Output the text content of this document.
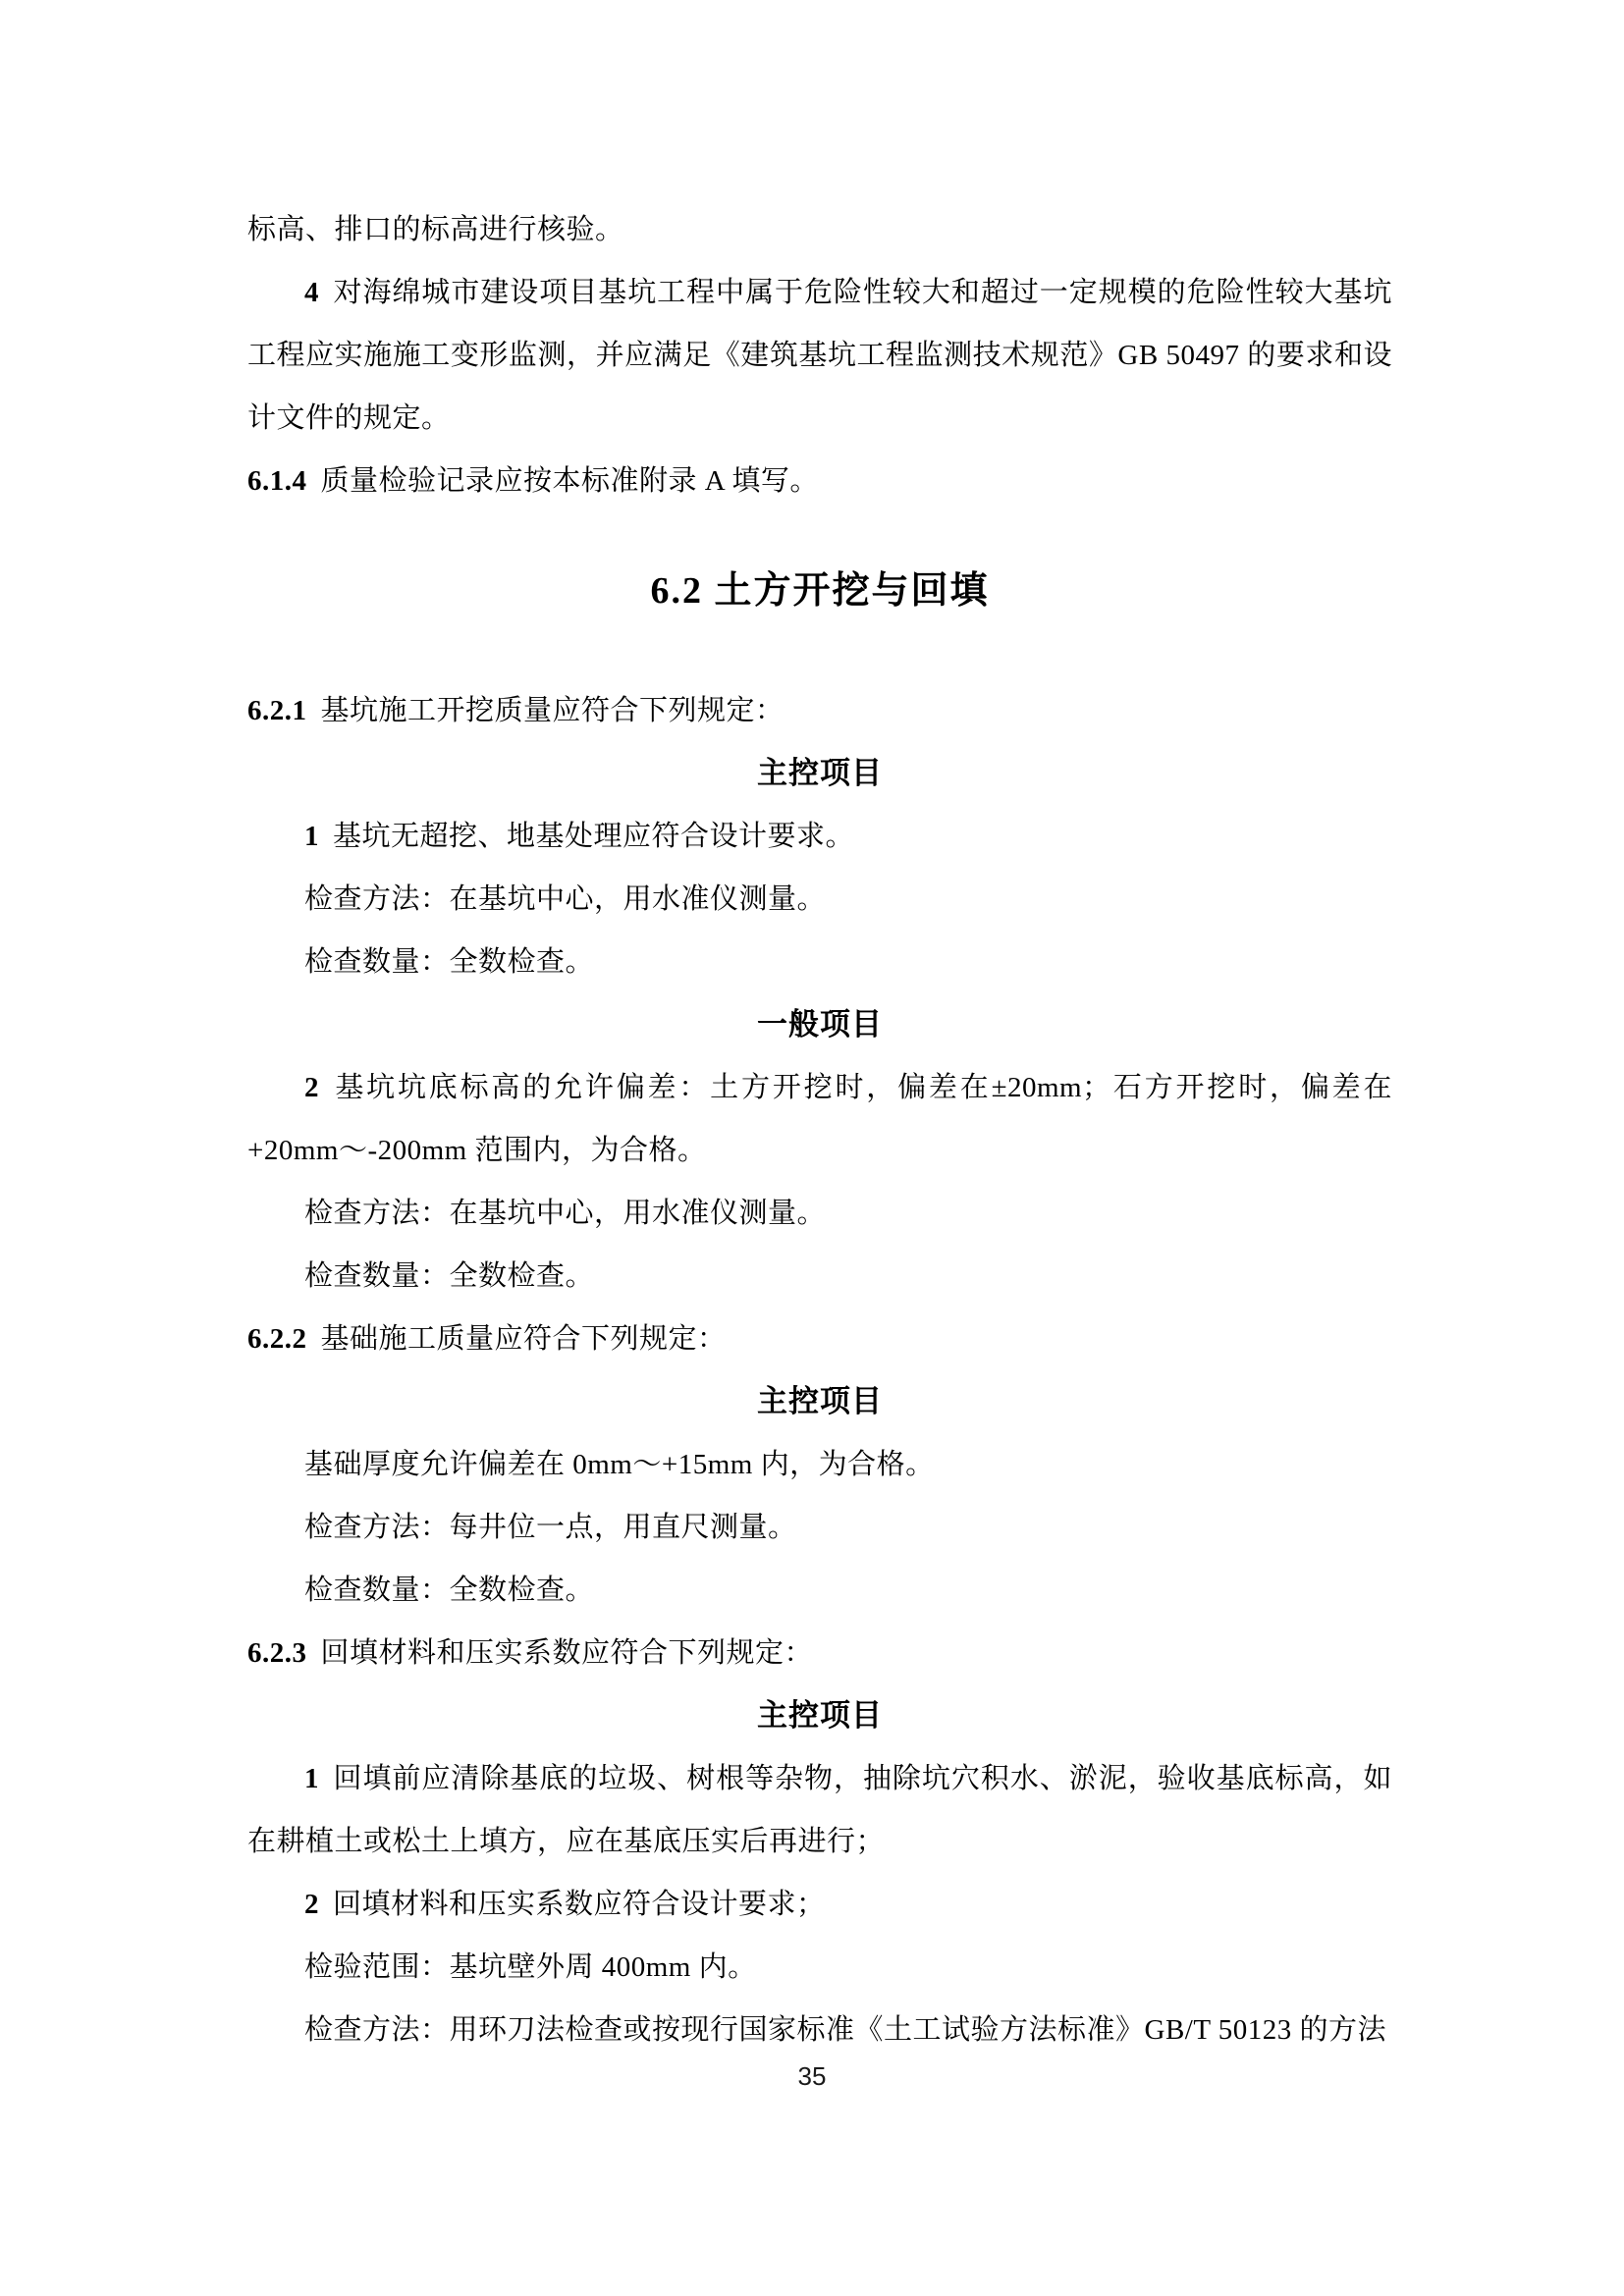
标高、排口的标高进行核验。

4 对海绵城市建设项目基坑工程中属于危险性较大和超过一定规模的危险性较大基坑工程应实施施工变形监测，并应满足《建筑基坑工程监测技术规范》GB 50497 的要求和设计文件的规定。

6.1.4 质量检验记录应按本标准附录 A 填写。

6.2 土方开挖与回填

6.2.1 基坑施工开挖质量应符合下列规定：

主控项目

1 基坑无超挖、地基处理应符合设计要求。

检查方法：在基坑中心，用水准仪测量。

检查数量：全数检查。

一般项目

2 基坑坑底标高的允许偏差：土方开挖时，偏差在±20mm；石方开挖时，偏差在+20mm～-200mm 范围内，为合格。

检查方法：在基坑中心，用水准仪测量。

检查数量：全数检查。

6.2.2 基础施工质量应符合下列规定：

主控项目

基础厚度允许偏差在 0mm～+15mm 内，为合格。

检查方法：每井位一点，用直尺测量。

检查数量：全数检查。

6.2.3 回填材料和压实系数应符合下列规定：

主控项目

1 回填前应清除基底的垃圾、树根等杂物，抽除坑穴积水、淤泥，验收基底标高，如在耕植土或松土上填方，应在基底压实后再进行；

2 回填材料和压实系数应符合设计要求；

检验范围：基坑壁外周 400mm 内。

检查方法：用环刀法检查或按现行国家标准《土工试验方法标准》GB/T 50123 的方法

35
